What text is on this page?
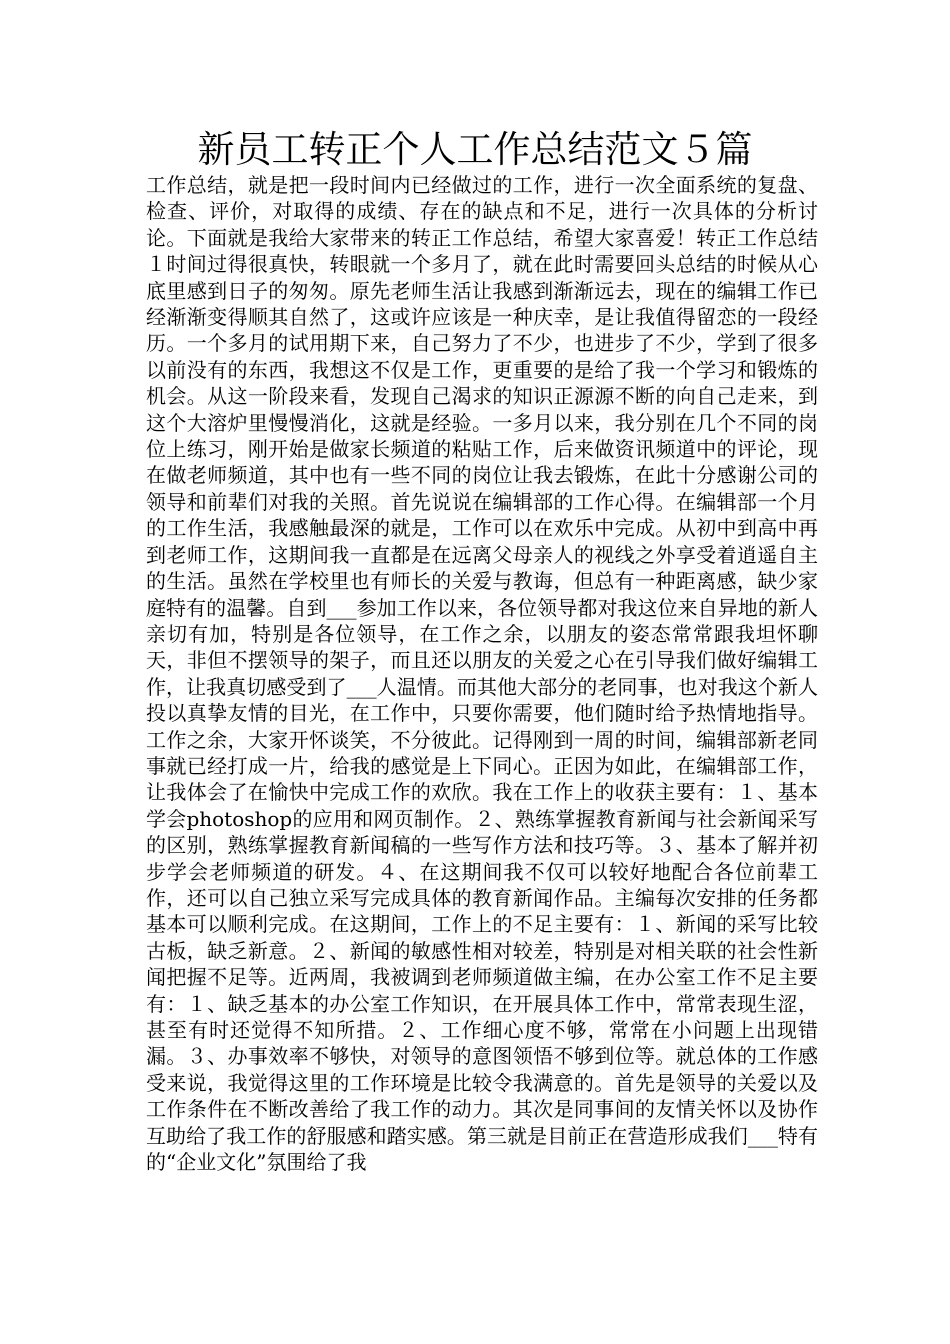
新员工转正个人工作总结范文５篇

工作总结，就是把一段时间内已经做过的工作，进行一次全面系统的复盘、检查、评价，对取得的成绩、存在的缺点和不足，进行一次具体的分析讨论。下面就是我给大家带来的转正工作总结，希望大家喜爱！转正工作总结１时间过得很真快，转眼就一个多月了，就在此时需要回头总结的时候从心底里感到日子的匆匆。原先老师生活让我感到渐渐远去，现在的编辑工作已经渐渐变得顺其自然了，这或许应该是一种庆幸，是让我值得留恋的一段经历。一个多月的试用期下来，自己努力了不少，也进步了不少，学到了很多以前没有的东西，我想这不仅是工作，更重要的是给了我一个学习和锻炼的机会。从这一阶段来看，发现自己渴求的知识正源源不断的向自己走来，到这个大溶炉里慢慢消化，这就是经验。一多月以来，我分别在几个不同的岗位上练习，刚开始是做家长频道的粘贴工作，后来做资讯频道中的评论，现在做老师频道，其中也有一些不同的岗位让我去锻炼，在此十分感谢公司的领导和前辈们对我的关照。首先说说在编辑部的工作心得。在编辑部一个月的工作生活，我感触最深的就是，工作可以在欢乐中完成。从初中到高中再到老师工作，这期间我一直都是在远离父母亲人的视线之外享受着逍遥自主的生活。虽然在学校里也有师长的关爱与教诲，但总有一种距离感，缺少家庭特有的温馨。自到___参加工作以来，各位领导都对我这位来自异地的新人亲切有加，特别是各位领导，在工作之余，以朋友的姿态常常跟我坦怀聊天，非但不摆领导的架子，而且还以朋友的关爱之心在引导我们做好编辑工作，让我真切感受到了___人温情。而其他大部分的老同事，也对我这个新人投以真挚友情的目光，在工作中，只要你需要，他们随时给予热情地指导。工作之余，大家开怀谈笑，不分彼此。记得刚到一周的时间，编辑部新老同事就已经打成一片，给我的感觉是上下同心。正因为如此，在编辑部工作，让我体会了在愉快中完成工作的欢欣。我在工作上的收获主要有：１、基本学会photoshop的应用和网页制作。２、熟练掌握教育新闻与社会新闻采写的区别，熟练掌握教育新闻稿的一些写作方法和技巧等。３、基本了解并初步学会老师频道的研发。４、在这期间我不仅可以较好地配合各位前辈工作，还可以自己独立采写完成具体的教育新闻作品。主编每次安排的任务都基本可以顺利完成。在这期间，工作上的不足主要有：１、新闻的采写比较古板，缺乏新意。２、新闻的敏感性相对较差，特别是对相关联的社会性新闻把握不足等。近两周，我被调到老师频道做主编，在办公室工作不足主要有：１、缺乏基本的办公室工作知识，在开展具体工作中，常常表现生涩，甚至有时还觉得不知所措。２、工作细心度不够，常常在小问题上出现错漏。３、办事效率不够快，对领导的意图领悟不够到位等。就总体的工作感受来说，我觉得这里的工作环境是比较令我满意的。首先是领导的关爱以及工作条件在不断改善给了我工作的动力。其次是同事间的友情关怀以及协作互助给了我工作的舒服感和踏实感。第三就是目前正在营造形成我们___特有的“企业文化”氛围给了我
